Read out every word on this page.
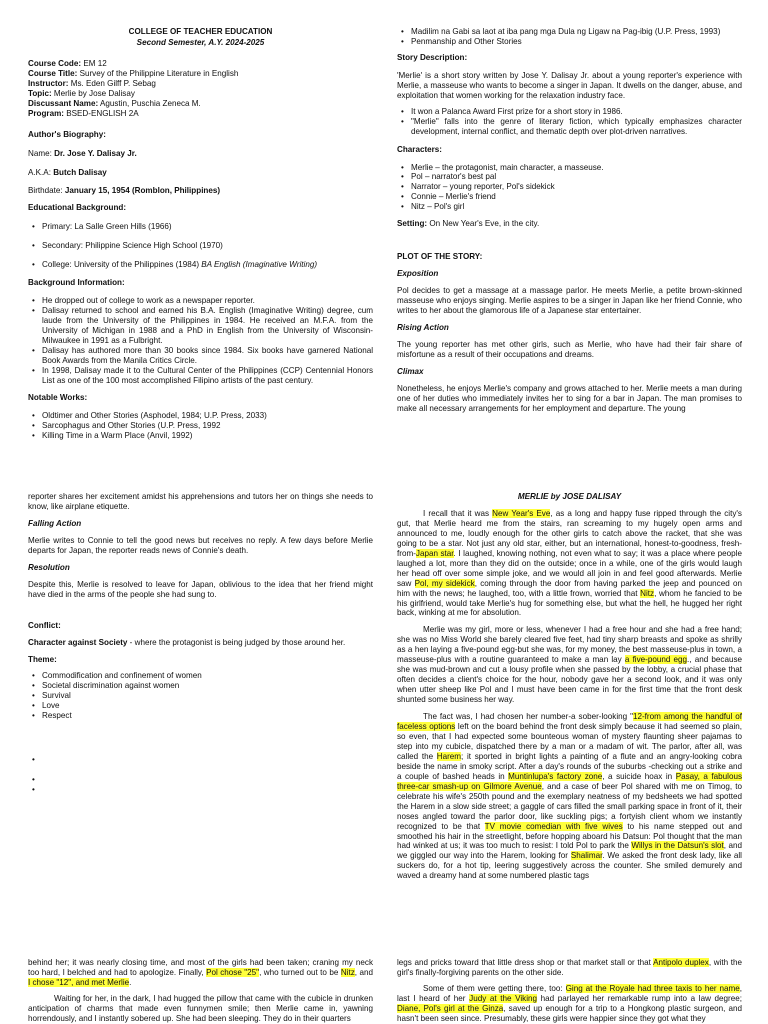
COLLEGE OF TEACHER EDUCATION

Second Semester, A.Y. 2024-2025

Course Code: EM 12

Course Title: Survey of the Philippine Literature in English

Instructor: Ms. Eden Gilff P. Sebag

Topic: Merlie by Jose Dalisay

Discussant Name: Agustin, Puschia Zeneca M.

Program: BSED-ENGLISH 2A

Author's Biography:

Name: Dr. Jose Y. Dalisay Jr.

A.K.A: Butch Dalisay

Birthdate: January 15, 1954 (Romblon, Philippines)

Educational Background:

• Primary: La Salle Green Hills (1966)
• Secondary: Philippine Science High School (1970)
• College: University of the Philippines (1984) BA English (Imaginative Writing)

Background Information:

• He dropped out of college to work as a newspaper reporter.
• Dalisay returned to school and earned his B.A. English (Imaginative Writing) degree, cum laude from the University of the Philippines in 1984. He received an M.F.A. from the University of Michigan in 1988 and a PhD in English from the University of Wisconsin- Milwaukee in 1991 as a Fulbright.
• Dalisay has authored more than 30 books since 1984. Six books have garnered National Book Awards from the Manila Critics Circle.
• In 1998, Dalisay made it to the Cultural Center of the Philippines (CCP) Centennial Honors List as one of the 100 most accomplished Filipino artists of the past century.

Notable Works:

• Oldtimer and Other Stories (Asphodel, 1984; U.P. Press, 2033)
• Sarcophagus and Other Stories (U.P. Press, 1992
• Killing Time in a Warm Place (Anvil, 1992)
• Madilim na Gabi sa laot at iba pang mga Dula ng Ligaw na Pag-ibig (U.P. Press, 1993)
• Penmanship and Other Stories

Story Description:

'Merlie' is a short story written by Jose Y. Dalisay Jr. about a young reporter's experience with Merlie, a masseuse who wants to become a singer in Japan. It dwells on the danger, abuse, and exploitation that women working for the relaxation industry face.

• It won a Palanca Award First prize for a short story in 1986.
• "Merlie" falls into the genre of literary fiction, which typically emphasizes character development, internal conflict, and thematic depth over plot-driven narratives.

Characters:

• Merlie – the protagonist, main character, a masseuse.
• Pol – narrator's best pal
• Narrator – young reporter, Pol's sidekick
• Connie – Merlie's friend
• Nitz – Pol's girl

Setting: On New Year's Eve, in the city.

PLOT OF THE STORY:

Exposition

Pol decides to get a massage at a massage parlor. He meets Merlie, a petite brown-skinned masseuse who enjoys singing. Merlie aspires to be a singer in Japan like her friend Connie, who writes to her about the glamorous life of a Japanese star entertainer.

Rising Action

The young reporter has met other girls, such as Merlie, who have had their fair share of misfortune as a result of their occupations and dreams.

Climax

Nonetheless, he enjoys Merlie's company and grows attached to her. Merlie meets a man during one of her duties who immediately invites her to sing for a bar in Japan. The man promises to make all necessary arrangements for her employment and departure. The young

reporter shares her excitement amidst his apprehensions and tutors her on things she needs to know, like airplane etiquette.

Falling Action

Merlie writes to Connie to tell the good news but receives no reply. A few days before Merlie departs for Japan, the reporter reads news of Connie's death.

Resolution

Despite this, Merlie is resolved to leave for Japan, oblivious to the idea that her friend might have died in the arms of the people she had sung to.

Conflict:

Character against Society - where the protagonist is being judged by those around her.

Theme:

• Commodification and confinement of women
• Societal discrimination against women
• Survival
• Love
• Respect
•
•
•

MERLIE by JOSE DALISAY

I recall that it was New Year's Eve, as a long and happy fuse ripped through the city's gut, that Merlie heard me from the stairs, ran screaming to my hugely open arms and announced to me, loudly enough for the other girls to catch above the racket, that she was going to be a star. Not just any old star, either, but an international, honest-to-goodness, fresh-from-Japan star. I laughed, knowing nothing, not even what to say; it was a place where people laughed a lot, more than they did on the outside; once in a while, one of the girls would laugh her head off over some simple joke, and we would all join in and feel good afterwards. Merlie saw Pol, my sidekick, coming through the door from having parked the jeep and pounced on him with the news; he laughed, too, with a little frown, worried that Nitz, whom he fancied to be his girlfriend, would take Merlie's hug for something else, but what the hell, he hugged her right back, winking at me for absolution.

Merlie was my girl, more or less, whenever I had a free hour and she had a free hand; she was no Miss World she barely cleared five feet, had tiny sharp breasts and spoke as shrilly as a hen laying a five-pound egg-but she was, for my money, the best masseuse-plus in town, a masseuse-plus with a routine guaranteed to make a man lay a five-pound egg., and because she was mud-brown and cut a lousy profile when she passed by the lobby, a crucial phase that often decides a client's choice for the hour, nobody gave her a second look, and it was only when utter sheep like Pol and I must have been came in for the first time that the front desk shunted some business her way.

The fact was, I had chosen her number-a sober-looking "12-from among the handful of faceless options left on the board behind the front desk simply because it had seemed so plain, so even, that I had expected some bounteous woman of mystery flaunting sheer pajamas to step into my cubicle, dispatched there by a man or a madam of wit. The parlor, after all, was called the Harem; it sported in bright lights a painting of a flute and an angry-looking cobra beside the name in smoky script. After a day's rounds of the suburbs -checking out a strike and a couple of bashed heads in Muntinlupa's factory zone, a suicide hoax in Pasay, a fabulous three-car smash-up on Gilmore Avenue, and a case of beer Pol shared with me on Timog, to celebrate his wife's 250th pound and the exemplary neatness of my bedsheets we had spotted the Harem in a slow side street; a gaggle of cars filled the small parking space in front of it, their noses angled toward the parlor door, like suckling pigs; a fortyish client whom we instantly recognized to be that TV movie comedian with five wives to his name stepped out and smoothed his hair in the streetlight, before hopping aboard his Datsun: Pol thought that the man had winked at us; it was too much to resist: I told Pol to park the Willys in the Datsun's slot, and we giggled our way into the Harem, looking for Shalimar. We asked the front desk lady, like all suckers do, for a hot tip, leering suggestively across the counter. She smiled demurely and waved a dreamy hand at some numbered plastic tags

behind her; it was nearly closing time, and most of the girls had been taken; craning my neck too hard, I belched and had to apologize. Finally, Pol chose "25", who turned out to be Nitz, and I chose "12", and met Merlie.

Waiting for her, in the dark, I had hugged the pillow that came with the cubicle in drunken anticipation of charms that made even funnymen smile; then Merlie came in, yawning horrendously, and I instantly sobered up. She had been sleeping. They do in their quarters

legs and pricks toward that little dress shop or that market stall or that Antipolo duplex, with the girl's finally-forgiving parents on the other side.

Some of them were getting there, too: Ging at the Royale had three taxis to her name, last I heard of her Judy at the Viking had parlayed her remarkable rump into a law degree; Diane, Pol's girl at the Ginza, saved up enough for a trip to a Hongkong plastic surgeon, and hasn't been seen since. Presumably, these girls were happier since they got what they
